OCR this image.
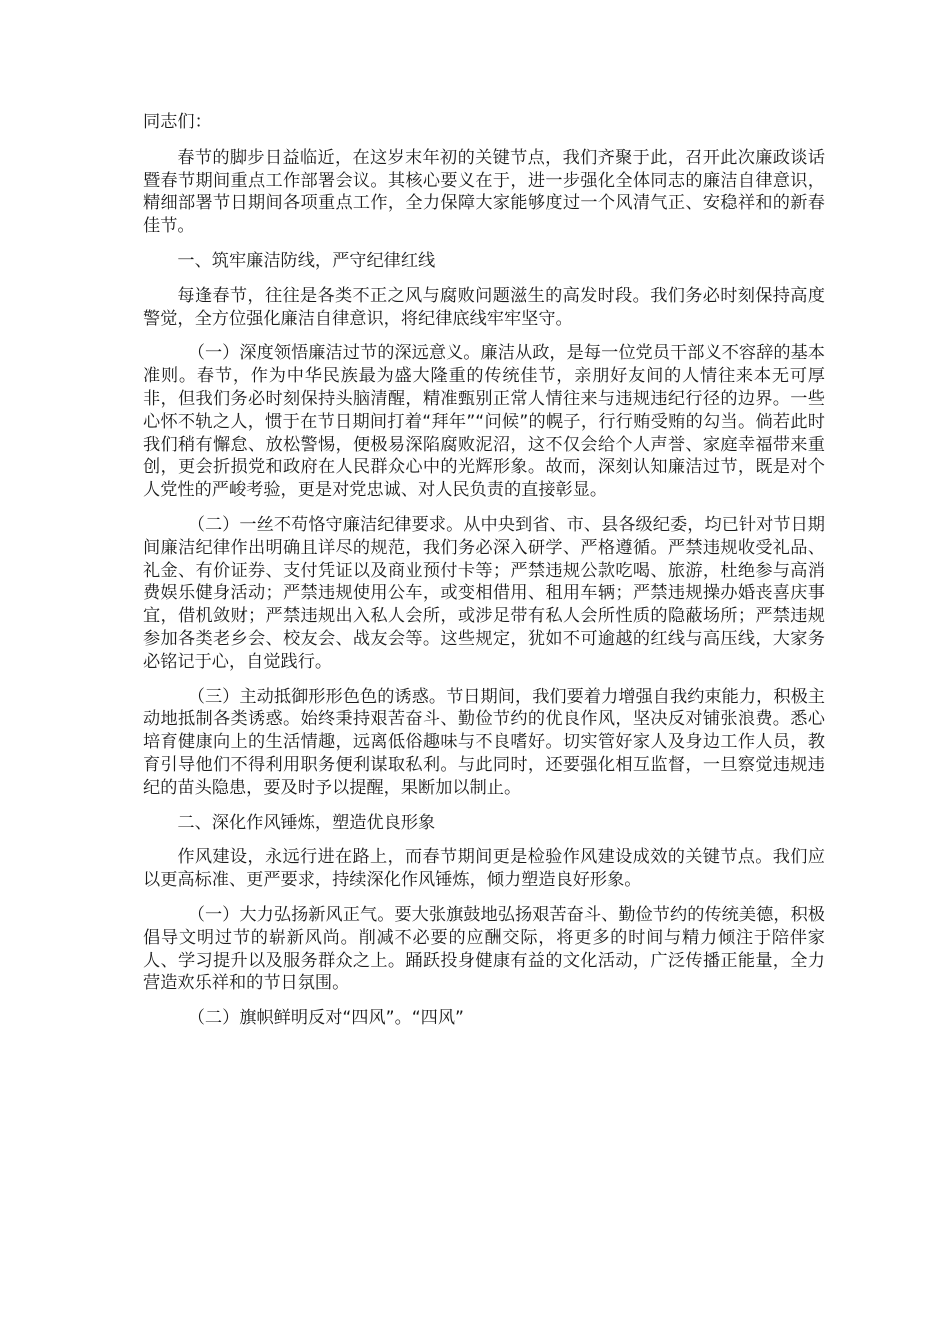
同志们：

春节的脚步日益临近，在这岁末年初的关键节点，我们齐聚于此，召开此次廉政谈话暨春节期间重点工作部署会议。其核心要义在于，进一步强化全体同志的廉洁自律意识，精细部署节日期间各项重点工作，全力保障大家能够度过一个风清气正、安稳祥和的新春佳节。

一、筑牢廉洁防线，严守纪律红线

每逢春节，往往是各类不正之风与腐败问题滋生的高发时段。我们务必时刻保持高度警觉，全方位强化廉洁自律意识，将纪律底线牢牢坚守。

（一）深度领悟廉洁过节的深远意义。廉洁从政，是每一位党员干部义不容辞的基本准则。春节，作为中华民族最为盛大隆重的传统佳节，亲朋好友间的人情往来本无可厚非，但我们务必时刻保持头脑清醒，精准甄别正常人情往来与违规违纪行径的边界。一些心怀不轨之人，惯于在节日期间打着“拜年”“问候”的幌子，行行贿受贿的勾当。倘若此时我们稍有懈怠、放松警惕，便极易深陷腐败泥沼，这不仅会给个人声誉、家庭幸福带来重创，更会折损党和政府在人民群众心中的光辉形象。故而，深刻认知廉洁过节，既是对个人党性的严峻考验，更是对党忠诚、对人民负责的直接彰显。

（二）一丝不苟恪守廉洁纪律要求。从中央到省、市、县各级纪委，均已针对节日期间廉洁纪律作出明确且详尽的规范，我们务必深入研学、严格遵循。严禁违规收受礼品、礼金、有价证券、支付凭证以及商业预付卡等；严禁违规公款吃喝、旅游，杜绝参与高消费娱乐健身活动；严禁违规使用公车，或变相借用、租用车辆；严禁违规操办婚丧喜庆事宜，借机敛财；严禁违规出入私人会所，或涉足带有私人会所性质的隐蔽场所；严禁违规参加各类老乡会、校友会、战友会等。这些规定，犹如不可逾越的红线与高压线，大家务必铭记于心，自觉践行。

（三）主动抵御形形色色的诱惑。节日期间，我们要着力增强自我约束能力，积极主动地抵制各类诱惑。始终秉持艰苦奋斗、勤俭节约的优良作风，坚决反对铺张浪费。悉心培育健康向上的生活情趣，远离低俗趣味与不良嗜好。切实管好家人及身边工作人员，教育引导他们不得利用职务便利谋取私利。与此同时，还要强化相互监督，一旦察觉违规违纪的苗头隐患，要及时予以提醒，果断加以制止。

二、深化作风锤炼，塑造优良形象

作风建设，永远行进在路上，而春节期间更是检验作风建设成效的关键节点。我们应以更高标准、更严要求，持续深化作风锤炼，倾力塑造良好形象。

（一）大力弘扬新风正气。要大张旗鼓地弘扬艰苦奋斗、勤俭节约的传统美德，积极倡导文明过节的崭新风尚。削减不必要的应酬交际，将更多的时间与精力倾注于陪伴家人、学习提升以及服务群众之上。踊跃投身健康有益的文化活动，广泛传播正能量，全力营造欢乐祥和的节日氛围。

（二）旗帜鲜明反对“四风”。“四风”
